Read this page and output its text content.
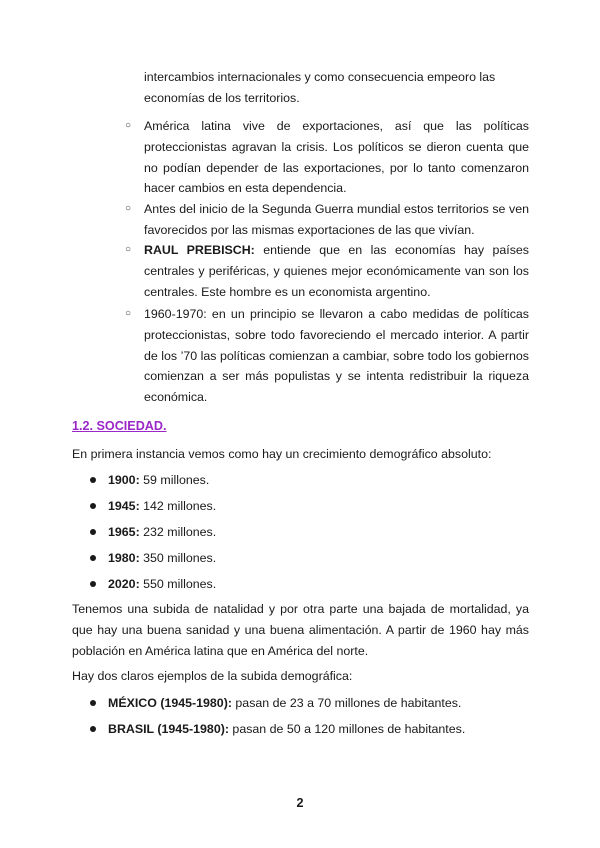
intercambios internacionales y como consecuencia empeoro las
economías de los territorios.
○	América latina vive de exportaciones, así que las políticas proteccionistas agravan la crisis. Los políticos se dieron cuenta que no podían depender de las exportaciones, por lo tanto comenzaron hacer cambios en esta dependencia.
○	Antes del inicio de la Segunda Guerra mundial estos territorios se ven favorecidos por las mismas exportaciones de las que vivían.
○	RAUL PREBISCH: entiende que en las economías hay países centrales y periféricas, y quienes mejor económicamente van son los centrales. Este hombre es un economista argentino.
○	1960-1970: en un principio se llevaron a cabo medidas de políticas proteccionistas, sobre todo favoreciendo el mercado interior. A partir de los ’70 las políticas comienzan a cambiar, sobre todo los gobiernos comienzan a ser más populistas y se intenta redistribuir la riqueza económica.
1.2. SOCIEDAD.
En primera instancia vemos como hay un crecimiento demográfico absoluto:
1900: 59 millones.
1945: 142 millones.
1965: 232 millones.
1980: 350 millones.
2020: 550 millones.
Tenemos una subida de natalidad y por otra parte una bajada de mortalidad, ya que hay una buena sanidad y una buena alimentación. A partir de 1960 hay más población en América latina que en América del norte.
Hay dos claros ejemplos de la subida demográfica:
MÉXICO (1945-1980): pasan de 23 a 70 millones de habitantes.
BRASIL (1945-1980): pasan de 50 a 120 millones de habitantes.
2
